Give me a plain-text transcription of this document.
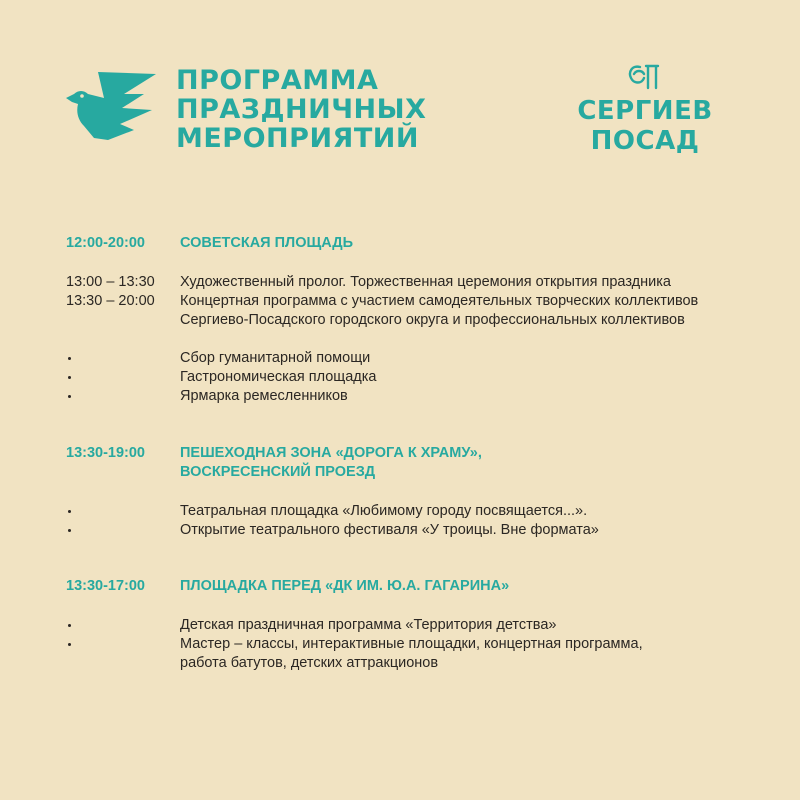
ПРОГРАММА
ПРАЗДНИЧНЫХ
МЕРОПРИЯТИЙ
СЕРГИЕВ
ПОСАД
12:00-20:00 СОВЕТСКАЯ ПЛОЩАДЬ
13:00 – 13:30 Художественный пролог. Торжественная церемония открытия праздника
13:30 – 20:00 Концертная программа с участием самодеятельных творческих коллективов
Сергиево-Посадского городского округа и профессиональных коллективов
Сбор гуманитарной помощи
Гастрономическая площадка
Ярмарка ремесленников
13:30-19:00 ПЕШЕХОДНАЯ ЗОНА «ДОРОГА К ХРАМУ»,
ВОСКРЕСЕНСКИЙ ПРОЕЗД
Театральная площадка «Любимому городу посвящается...».
Открытие театрального фестиваля «У троицы. Вне формата»
13:30-17:00 ПЛОЩАДКА ПЕРЕД «ДК ИМ. Ю.А. ГАГАРИНА»
Детская праздничная программа «Территория детства»
Мастер – классы, интерактивные площадки, концертная программа,
работа батутов, детских аттракционов
